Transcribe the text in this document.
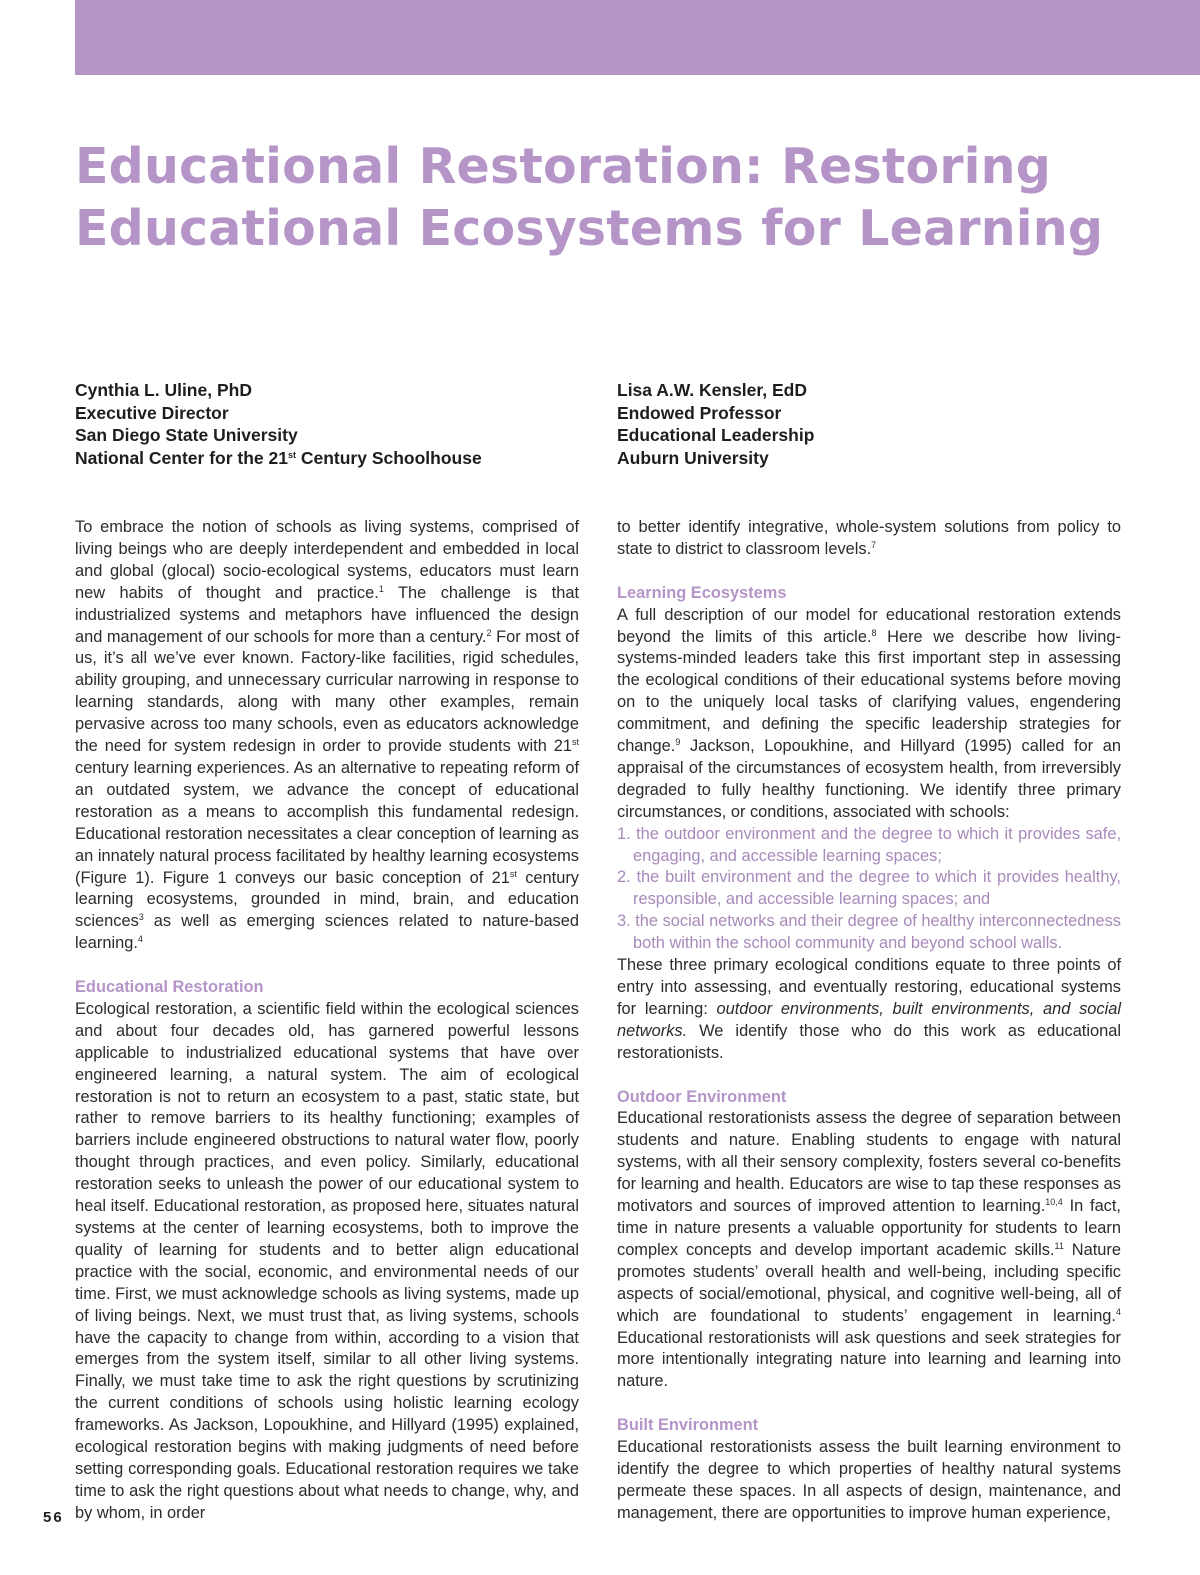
Educational Restoration: Restoring
Educational Ecosystems for Learning
Cynthia L. Uline, PhD
Executive Director
San Diego State University
National Center for the 21st Century Schoolhouse
Lisa A.W. Kensler, EdD
Endowed Professor
Educational Leadership
Auburn University

To embrace the notion of schools as living systems, comprised of living beings who are deeply interdependent and embedded in local and global (glocal) socio-ecological systems, educators must learn new habits of thought and practice.$^1$ The challenge is that industrialized systems and metaphors have influenced the design and management of our schools for more than a century.$^2$ For most of us, it’s all we’ve ever known. Factory-like facilities, rigid schedules, ability grouping, and unnecessary curricular narrowing in response to learning standards, along with many other examples, remain pervasive across too many schools, even as educators acknowledge the need for system redesign in order to provide students with 21st century learning experiences. As an alternative to repeating reform of an outdated system, we advance the concept of educational restoration as a means to accomplish this fundamental redesign. Educational restoration necessitates a clear conception of learning as an innately natural process facilitated by healthy learning ecosystems (Figure 1). Figure 1 conveys our basic conception of 21st century learning ecosystems, grounded in mind, brain, and education sciences$^3$ as well as emerging sciences related to nature-based learning.$^4$

Educational Restoration

Ecological restoration, a scientific field within the ecological sciences and about four decades old, has garnered powerful lessons applicable to industrialized educational systems that have over engineered learning, a natural system. The aim of ecological restoration is not to return an ecosystem to a past, static state, but rather to remove barriers to its healthy functioning; examples of barriers include engineered obstructions to natural water flow, poorly thought through practices, and even policy. Similarly, educational restoration seeks to unleash the power of our educational system to heal itself. Educational restoration, as proposed here, situates natural systems at the center of learning ecosystems, both to improve the quality of learning for students and to better align educational practice with the social, economic, and environmental needs of our time. First, we must acknowledge schools as living systems, made up of living beings. Next, we must trust that, as living systems, schools have the capacity to change from within, according to a vision that emerges from the system itself, similar to all other living systems. Finally, we must take time to ask the right questions by scrutinizing the current conditions of schools using holistic learning ecology frameworks. As Jackson, Lopoukhine, and Hillyard (1995) explained, ecological restoration begins with making judgments of need before setting corresponding goals. Educational restoration requires we take time to ask the right questions about what needs to change, why, and by whom, in order

to better identify integrative, whole-system solutions from policy to state to district to classroom levels.$^7$

Learning Ecosystems

A full description of our model for educational restoration extends beyond the limits of this article.$^8$ Here we describe how living-systems-minded leaders take this first important step in assessing the ecological conditions of their educational systems before moving on to the uniquely local tasks of clarifying values, engendering commitment, and defining the specific leadership strategies for change.$^9$ Jackson, Lopoukhine, and Hillyard (1995) called for an appraisal of the circumstances of ecosystem health, from irreversibly degraded to fully healthy functioning. We identify three primary circumstances, or conditions, associated with schools:

1. the outdoor environment and the degree to which it provides safe, engaging, and accessible learning spaces;
2. the built environment and the degree to which it provides healthy, responsible, and accessible learning spaces; and
3. the social networks and their degree of healthy interconnectedness both within the school community and beyond school walls.

These three primary ecological conditions equate to three points of entry into assessing, and eventually restoring, educational systems for learning: outdoor environments, built environments, and social networks. We identify those who do this work as educational restorationists.

Outdoor Environment

Educational restorationists assess the degree of separation between students and nature. Enabling students to engage with natural systems, with all their sensory complexity, fosters several co-benefits for learning and health. Educators are wise to tap these responses as motivators and sources of improved attention to learning.$^{10,4}$ In fact, time in nature presents a valuable opportunity for students to learn complex concepts and develop important academic skills.$^{11}$ Nature promotes students’ overall health and well-being, including specific aspects of social/emotional, physical, and cognitive well-being, all of which are foundational to students’ engagement in learning.$^4$ Educational restorationists will ask questions and seek strategies for more intentionally integrating nature into learning and learning into nature.

Built Environment

Educational restorationists assess the built learning environment to identify the degree to which properties of healthy natural systems permeate these spaces. In all aspects of design, maintenance, and management, there are opportunities to improve human experience,

56
